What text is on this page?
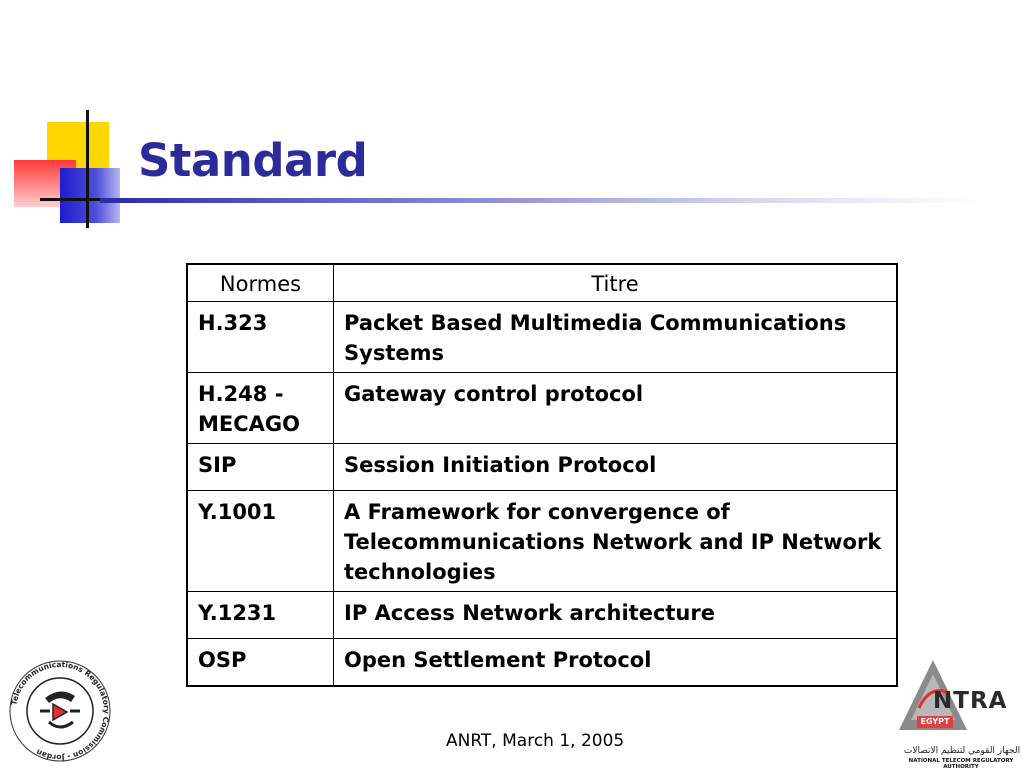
Standard
Normes	Titre
H.323	Packet Based Multimedia Communications Systems
H.248 - MECAGO	Gateway control protocol
SIP	Session Initiation Protocol
Y.1001	A Framework for convergence of Telecommunications Network and IP Network technologies
Y.1231	IP Access Network architecture
OSP	Open Settlement Protocol
Telecommunications Regulatory Commission - Jordan
NTRA
EGYPT
الجهاز القومي لتنظيم الاتصالات
NATIONAL TELECOM REGULATORY AUTHORITY
ANRT, March 1, 2005
